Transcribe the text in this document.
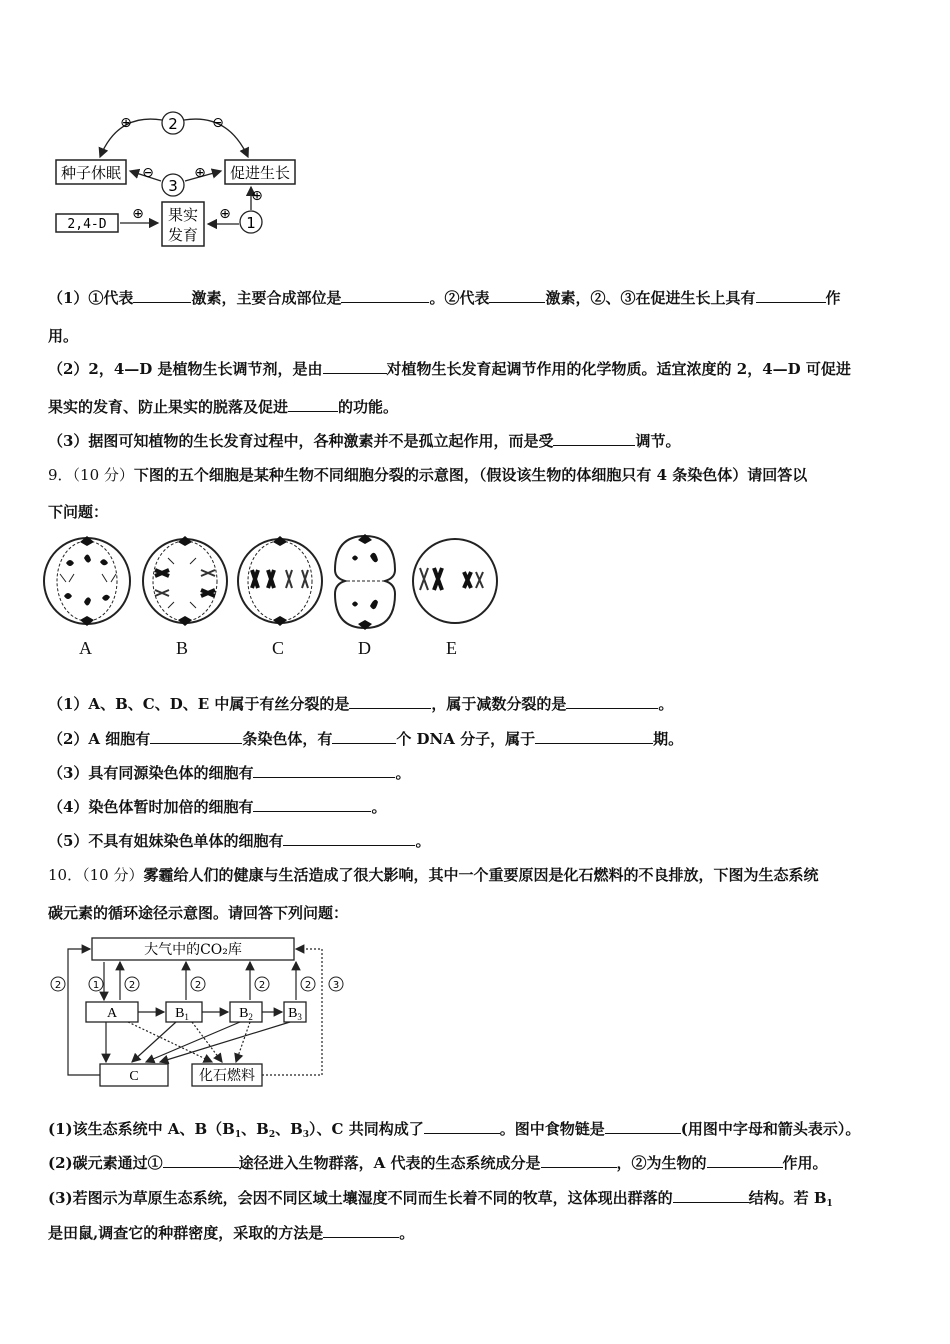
种子休眠	促进生长
果实
发育
2,4-D
2
3
1
⊕	⊖
⊖	⊕
⊕
⊕
⊕
（1）①代表	激素，主要合成部位是	。②代表	激素，②、③在促进生长上具有	作
用。
（2）2，4—D 是植物生长调节剂，是由	对植物生长发育起调节作用的化学物质。适宜浓度的 2，4—D 可促进
果实的发育、防止果实的脱落及促进	的功能。
（3）据图可知植物的生长发育过程中，各种激素并不是孤立起作用，而是受	调节。
9．（10 分）下图的五个细胞是某种生物不同细胞分裂的示意图，（假设该生物的体细胞只有 4 条染色体）请回答以
下问题：
A	B	C	D	E
（1）A、B、C、D、E 中属于有丝分裂的是	，属于减数分裂的是	。
（2）A 细胞有	条染色体，有	个 DNA 分子，属于	期。
（3）具有同源染色体的细胞有	。
（4）染色体暂时加倍的细胞有	。
（5）不具有姐妹染色单体的细胞有	。
10．（10 分）雾霾给人们的健康与生活造成了很大影响，其中一个重要原因是化石燃料的不良排放，下图为生态系统
碳元素的循环途径示意图。请回答下列问题：
大气中的CO₂库
A	$B_1$	$B_2$	$B_3$
C	化石燃料
2	1	2	2	2	2 3
(1)该生态系统中 A、$B(B_1$、$B_2$、$B_3$）、C 共同构成了	。图中食物链是	(用图中字母和箭头表示）。
(2)碳元素通过①	途径进入生物群落，A 代表的生态系统成分是	，②为生物的	作用。
(3)若图示为草原生态系统，会因不同区域土壤湿度不同而生长着不同的牧草，这体现出群落的	结构。若 $B_1$
是田鼠,调查它的种群密度，采取的方法是	。
